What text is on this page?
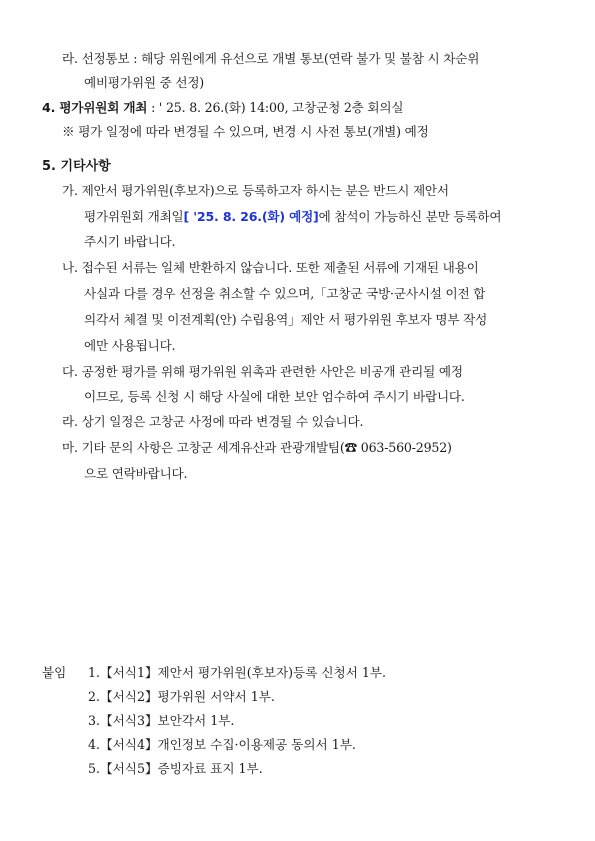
라. 선정통보 : 해당 위원에게 유선으로 개별 통보(연락 불가 및 불참 시 차순위
예비평가위원 중 선정)
4. 평가위원회 개최 : ' 25. 8. 26.(화) 14:00, 고창군청 2층 회의실
※ 평가 일정에 따라 변경될 수 있으며, 변경 시 사전 통보(개별) 예정
5. 기타사항
가. 제안서 평가위원(후보자)으로 등록하고자 하시는 분은 반드시 제안서
평가위원회 개최일[ '25. 8. 26.(화) 예정]에 참석이 가능하신 분만 등록하여
주시기 바랍니다.
나. 접수된 서류는 일체 반환하지 않습니다. 또한 제출된 서류에 기재된 내용이
사실과 다를 경우 선정을 취소할 수 있으며,「고창군 국방·군사시설 이전 합
의각서 체결 및 이전계획(안) 수립용역」제안 서 평가위원 후보자 명부 작성
에만 사용됩니다.
다. 공정한 평가를 위해 평가위원 위촉과 관련한 사안은 비공개 관리될 예정
이므로, 등록 신청 시 해당 사실에 대한 보안 엄수하여 주시기 바랍니다.
라. 상기 일정은 고창군 사정에 따라 변경될 수 있습니다.
마. 기타 문의 사항은 고창군 세계유산과 관광개발팀(☎ 063-560-2952)
으로 연락바랍니다.
붙임 1.【서식1】제안서 평가위원(후보자)등록 신청서 1부.
2.【서식2】평가위원 서약서 1부.
3.【서식3】보안각서 1부.
4.【서식4】개인정보 수집·이용제공 동의서 1부.
5.【서식5】증빙자료 표지 1부.
